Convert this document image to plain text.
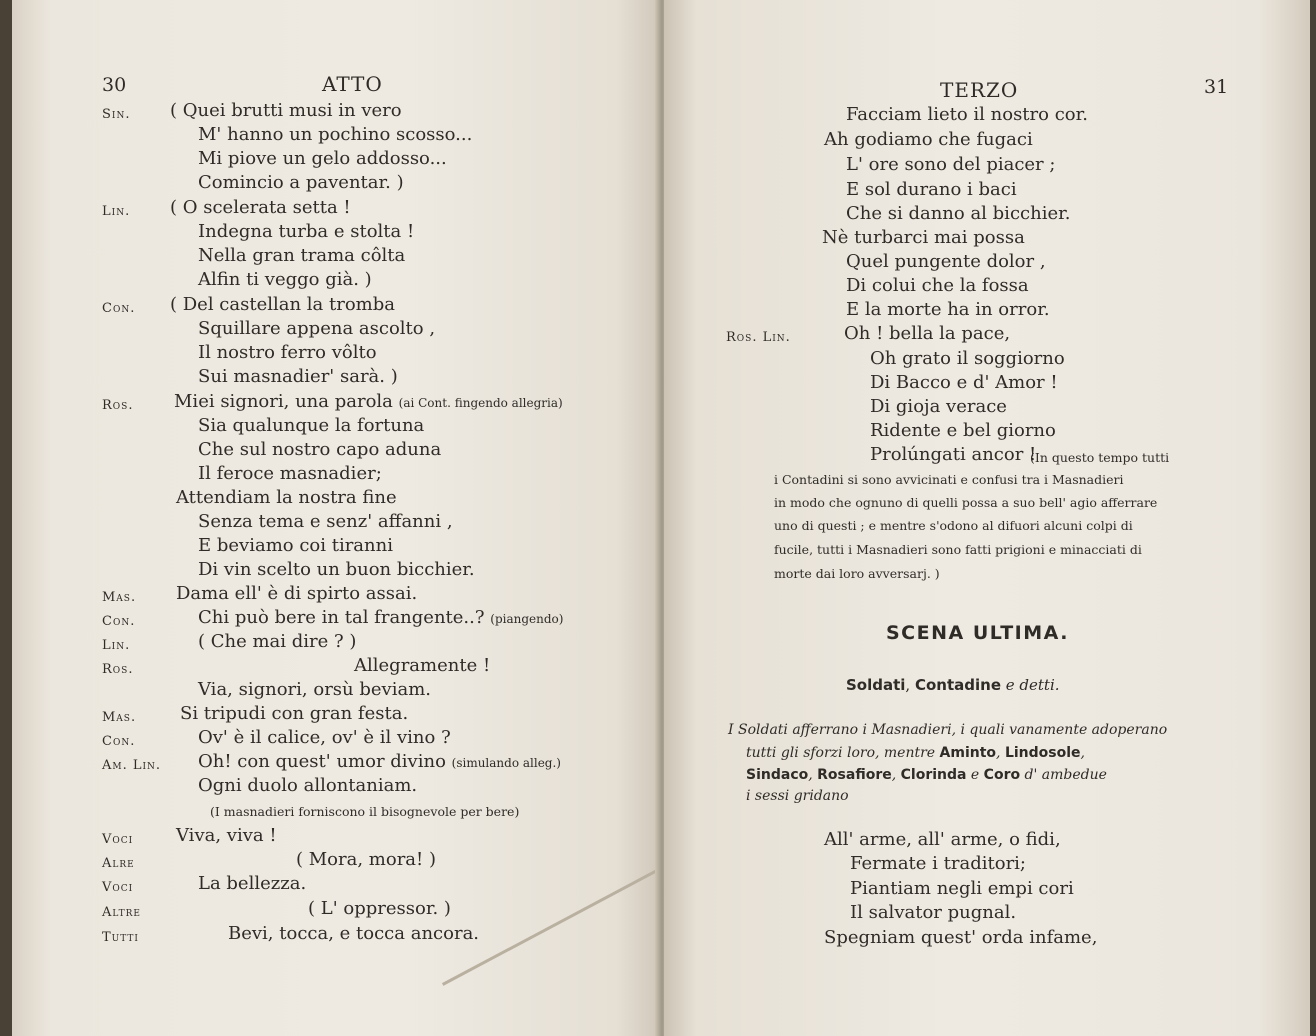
30	ATTO
Sin. ( Quei brutti musi in vero
M' hanno un pochino scosso...
Mi piove un gelo addosso...
Comincio a paventar. )
Lin. ( O scelerata setta !
Indegna turba e stolta !
Nella gran trama côlta
Alfin ti veggo già. )
Con. ( Del castellan la tromba
Squillare appena ascolto ,
Il nostro ferro vôlto
Sui masnadier' sarà. )
Ros. Miei signori, una parola (ai Cont. fingendo allegria)
Sia qualunque la fortuna
Che sul nostro capo aduna
Il feroce masnadier;
Attendiam la nostra fine
Senza tema e senz' affanni ,
E beviamo coi tiranni
Di vin scelto un buon bicchier.
Mas. Dama ell' è di spirto assai.
Con.	Chi può bere in tal frangente..? (piangendo)
Lin.	( Che mai dire ? )
Ros.	Allegramente !
Via, signori, orsù beviam.
Mas. Si tripudi con gran festa.
Con.	Ov' è il calice, ov' è il vino ?
Am. Lin. Oh! con quest' umor divino (simulando alleg.)
Ogni duolo allontaniam.
(I masnadieri forniscono il bisognevole per bere)
Voci Viva, viva !
Alre	( Mora, mora! )
Voci	La bellezza.
Altre	( L' oppressor. )
Tutti	Bevi, tocca, e tocca ancora.
TERZO	31
Facciam lieto il nostro cor.
Ah godiamo che fugaci
L' ore sono del piacer ;
E sol durano i baci
Che si danno al bicchier.
Nè turbarci mai possa
Quel pungente dolor ,
Di colui che la fossa
E la morte ha in orror.
Ros. Lin.	Oh ! bella la pace,
Oh grato il soggiorno
Di Bacco e d' Amor !
Di gioja verace
Ridente e bel giorno
Prolúngati ancor !
(In questo tempo tutti
i Contadini si sono avvicinati e confusi tra i Masnadieri
in modo che ognuno di quelli possa a suo bell' agio afferrare
uno di questi ; e mentre s'odono al difuori alcuni colpi di
fucile, tutti i Masnadieri sono fatti prigioni e minacciati di
morte dai loro avversarj. )
SCENA ULTIMA.
Soldati, Contadine e detti.
I Soldati afferrano i Masnadieri, i quali vanamente adoperano
tutti gli sforzi loro, mentre Aminto, Lindosole,
Sindaco, Rosafiore, Clorinda e Coro d' ambedue
i sessi gridano
All' arme, all' arme, o fidi,
Fermate i traditori;
Piantiam negli empi cori
Il salvator pugnal.
Spegniam quest' orda infame,
